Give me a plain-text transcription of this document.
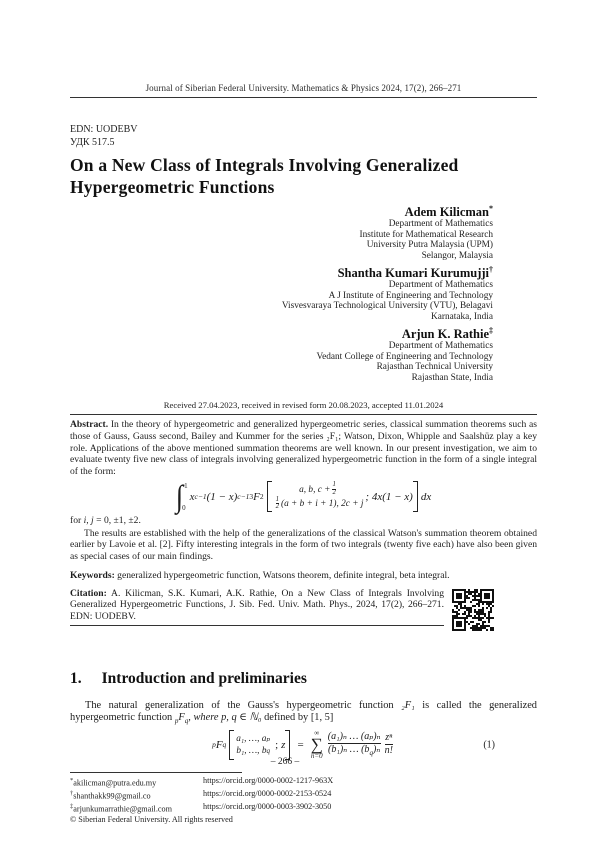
Journal of Siberian Federal University. Mathematics & Physics 2024, 17(2), 266–271
EDN: UODEBV
УДК 517.5
On a New Class of Integrals Involving Generalized Hypergeometric Functions
Adem Kilicman*
Department of Mathematics
Institute for Mathematical Research
University Putra Malaysia (UPM)
Selangor, Malaysia
Shantha Kumari Kurumujji†
Department of Mathematics
A J Institute of Engineering and Technology
Visvesvaraya Technological University (VTU), Belagavi
Karnataka, India
Arjun K. Rathie‡
Department of Mathematics
Vedant College of Engineering and Technology
Rajasthan Technical University
Rajasthan State, India
Received 27.04.2023, received in revised form 20.08.2023, accepted 11.01.2024
Abstract. In the theory of hypergeometric and generalized hypergeometric series, classical summation theorems such as those of Gauss, Gauss second, Bailey and Kummer for the series ₂F₁; Watson, Dixon, Whipple and Saalshüz play a key role. Applications of the above mentioned summation theorems are well known. In our present investigation, we aim to evaluate twenty five new class of integrals involving generalized hypergeometric function in the form of a single integral of the form:
∫ 1
0
x c−1 (1 − x) c−1 3 F 2
a, b, $c + \frac{1}{2}$
$\frac{1}{2} (a + b + i + 1)$, 2c + j
; 4x(1 − x) dx
for i, j = 0, ±1, ±2.
The results are established with the help of the generalizations of the classical Watson's summation theorem obtained earlier by Lavoie et al. [2]. Fifty interesting integrals in the form of two integrals (twenty five each) have also been given as special cases of our main findings.
Keywords: generalized hypergeometric function, Watsons theorem, definite integral, beta integral.
Citation: A. Kilicman, S.K. Kumari, A.K. Rathie, On a New Class of Integrals Involving Generalized Hypergeometric Functions, J. Sib. Fed. Univ. Math. Phys., 2024, 17(2), 266–271. EDN: UODEBV.
1. Introduction and preliminaries
The natural generalization of the Gauss's hypergeometric function ₂F₁ is called the generalized hypergeometric function $_pF_q$, where p, q ∈ ℕ₀ defined by [1, 5]
p F q
a₁, …, aₚ
b₁, …, b q ; z =
∞
∑
n=0
(a₁)ₙ … (aₚ)ₙ
(b₁)ₙ … $(b_q)_n$
zⁿ
n!
(1)
*akilicman@putra.edu.my	https://orcid.org/0000-0002-1217-963X
†shanthakk99@gmail.co	https://orcid.org/0000-0002-2153-0524
‡arjunkumarrathie@gmail.com	https://orcid.org/0000-0003-3902-3050
© Siberian Federal University. All rights reserved
– 266 –
